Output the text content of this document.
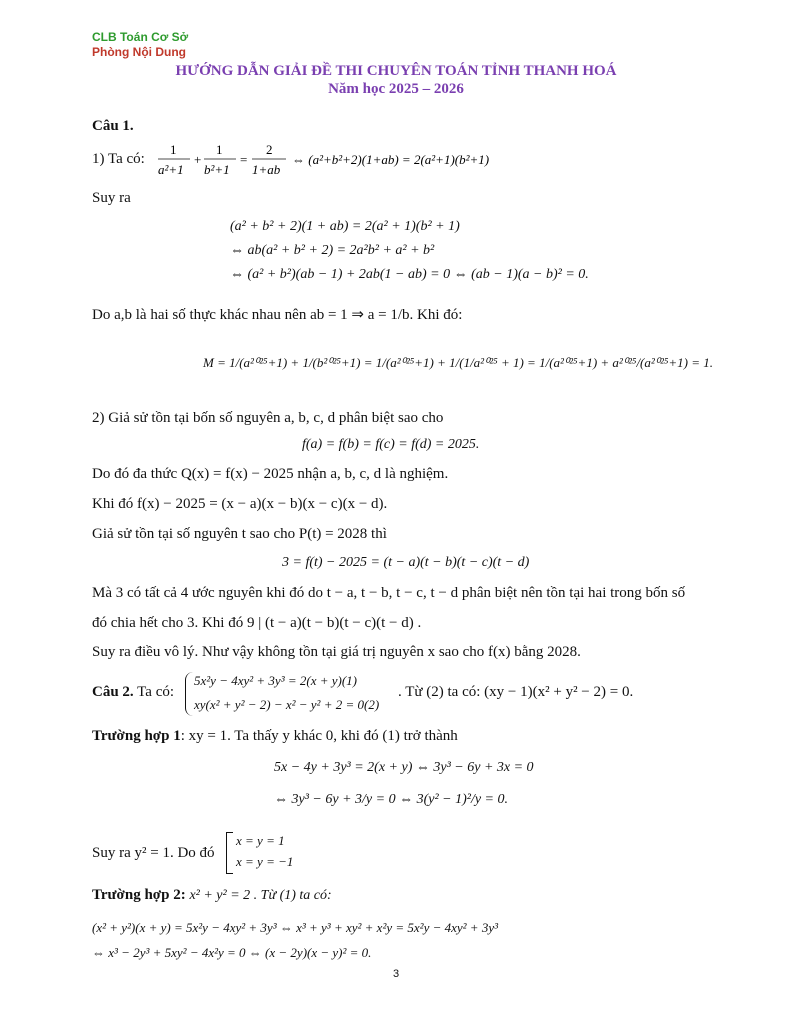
CLB Toán Cơ Sở
Phòng Nội Dung
HƯỚNG DẪN GIẢI ĐỀ THI CHUYÊN TOÁN TỈNH THANH HOÁ
Năm học 2025 – 2026
Câu 1.
1) Ta có:
1
a²+1
+
1
b²+1
=
2
1+ab
⇔ (a²+b²+2)(1+ab) = 2(a²+1)(b²+1)
Suy ra
(a² + b² + 2)(1 + ab) = 2(a² + 1)(b² + 1)
⇔ ab(a² + b² + 2) = 2a²b² + a² + b²
⇔ (a² + b²)(ab − 1) + 2ab(1 − ab) = 0 ⇔ (ab − 1)(a − b)² = 0.
Do a,b là hai số thực khác nhau nên ab = 1 ⇒ a = 1/b. Khi đó:
M = 1/(a²⁰²⁵+1) + 1/(b²⁰²⁵+1) = 1/(a²⁰²⁵+1) + 1/(1/a²⁰²⁵ + 1) = 1/(a²⁰²⁵+1) + a²⁰²⁵/(a²⁰²⁵+1) = 1.
2) Giả sử tồn tại bốn số nguyên a, b, c, d phân biệt sao cho
f(a) = f(b) = f(c) = f(d) = 2025.
Do đó đa thức Q(x) = f(x) − 2025 nhận a, b, c, d là nghiệm.
Khi đó f(x) − 2025 = (x − a)(x − b)(x − c)(x − d).
Giả sử tồn tại số nguyên t sao cho P(t) = 2028 thì
3 = f(t) − 2025 = (t − a)(t − b)(t − c)(t − d)
Mà 3 có tất cả 4 ước nguyên khi đó do t − a, t − b, t − c, t − d phân biệt nên tồn tại hai trong bốn số
đó chia hết cho 3. Khi đó 9 | (t − a)(t − b)(t − c)(t − d) .
Suy ra điều vô lý. Như vậy không tồn tại giá trị nguyên x sao cho f(x) bằng 2028.
Câu 2. Ta có:
5x²y − 4xy² + 3y³ = 2(x + y)(1)
xy(x² + y² − 2) − x² − y² + 2 = 0(2)
. Từ (2) ta có: (xy − 1)(x² + y² − 2) = 0.
Trường hợp 1: xy = 1. Ta thấy y khác 0, khi đó (1) trở thành
5x − 4y + 3y³ = 2(x + y) ⇔ 3y³ − 6y + 3x = 0
⇔ 3y³ − 6y + 3/y = 0 ⇔ 3(y² − 1)²/y = 0.
Suy ra y² = 1. Do đó
x = y = 1
x = y = −1
Trường hợp 2: x² + y² = 2 . Từ (1) ta có:
(x² + y²)(x + y) = 5x²y − 4xy² + 3y³ ⇔ x³ + y³ + xy² + x²y = 5x²y − 4xy² + 3y³
⇔ x³ − 2y³ + 5xy² − 4x²y = 0 ⇔ (x − 2y)(x − y)² = 0.
3
